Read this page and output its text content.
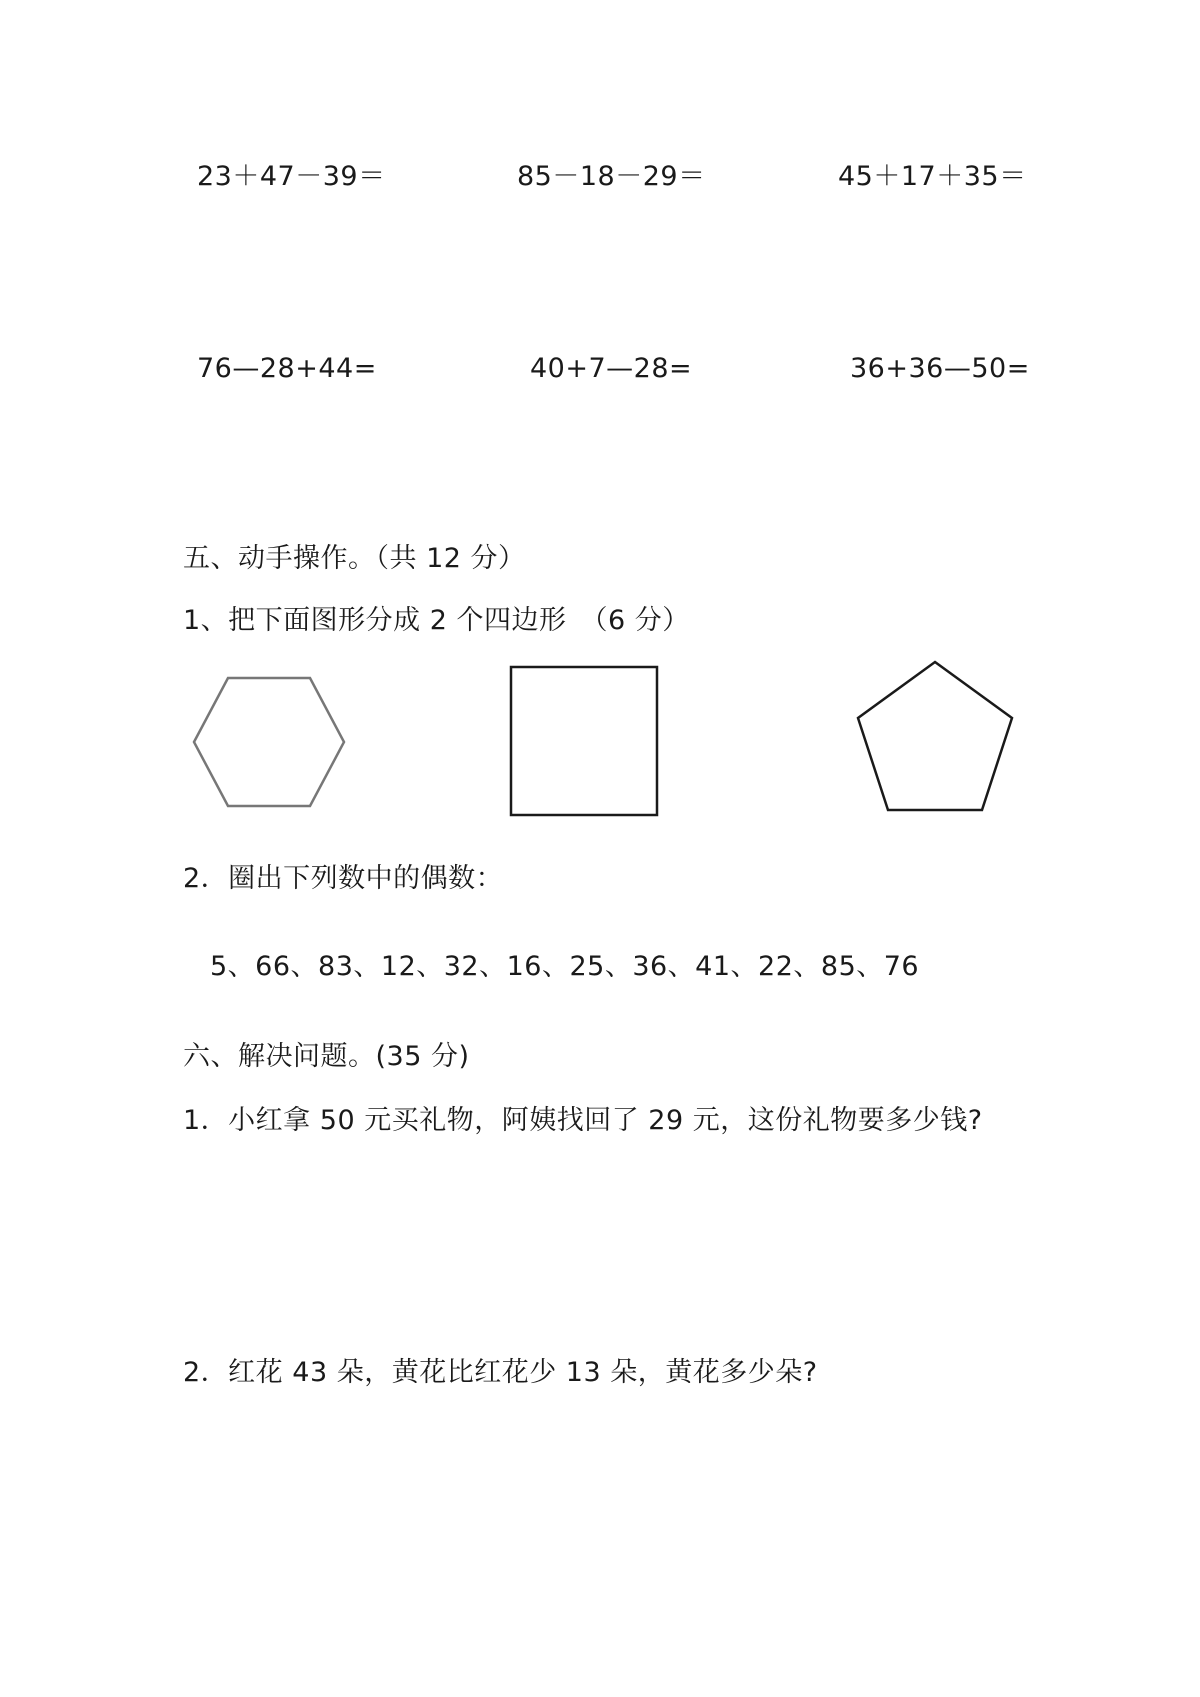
23＋47－39＝	85－18－29＝	45＋17＋35＝
76—28+44=	40+7—28=	36+36—50=
五、动手操作。（共 12 分）
1、把下面图形分成 2 个四边形　（6 分）
2．圈出下列数中的偶数：
5、66、83、12、32、16、25、36、41、22、85、76
六、解决问题。(35 分)
1．小红拿 50 元买礼物，阿姨找回了 29 元，这份礼物要多少钱?
2．红花 43 朵，黄花比红花少 13 朵，黄花多少朵?
